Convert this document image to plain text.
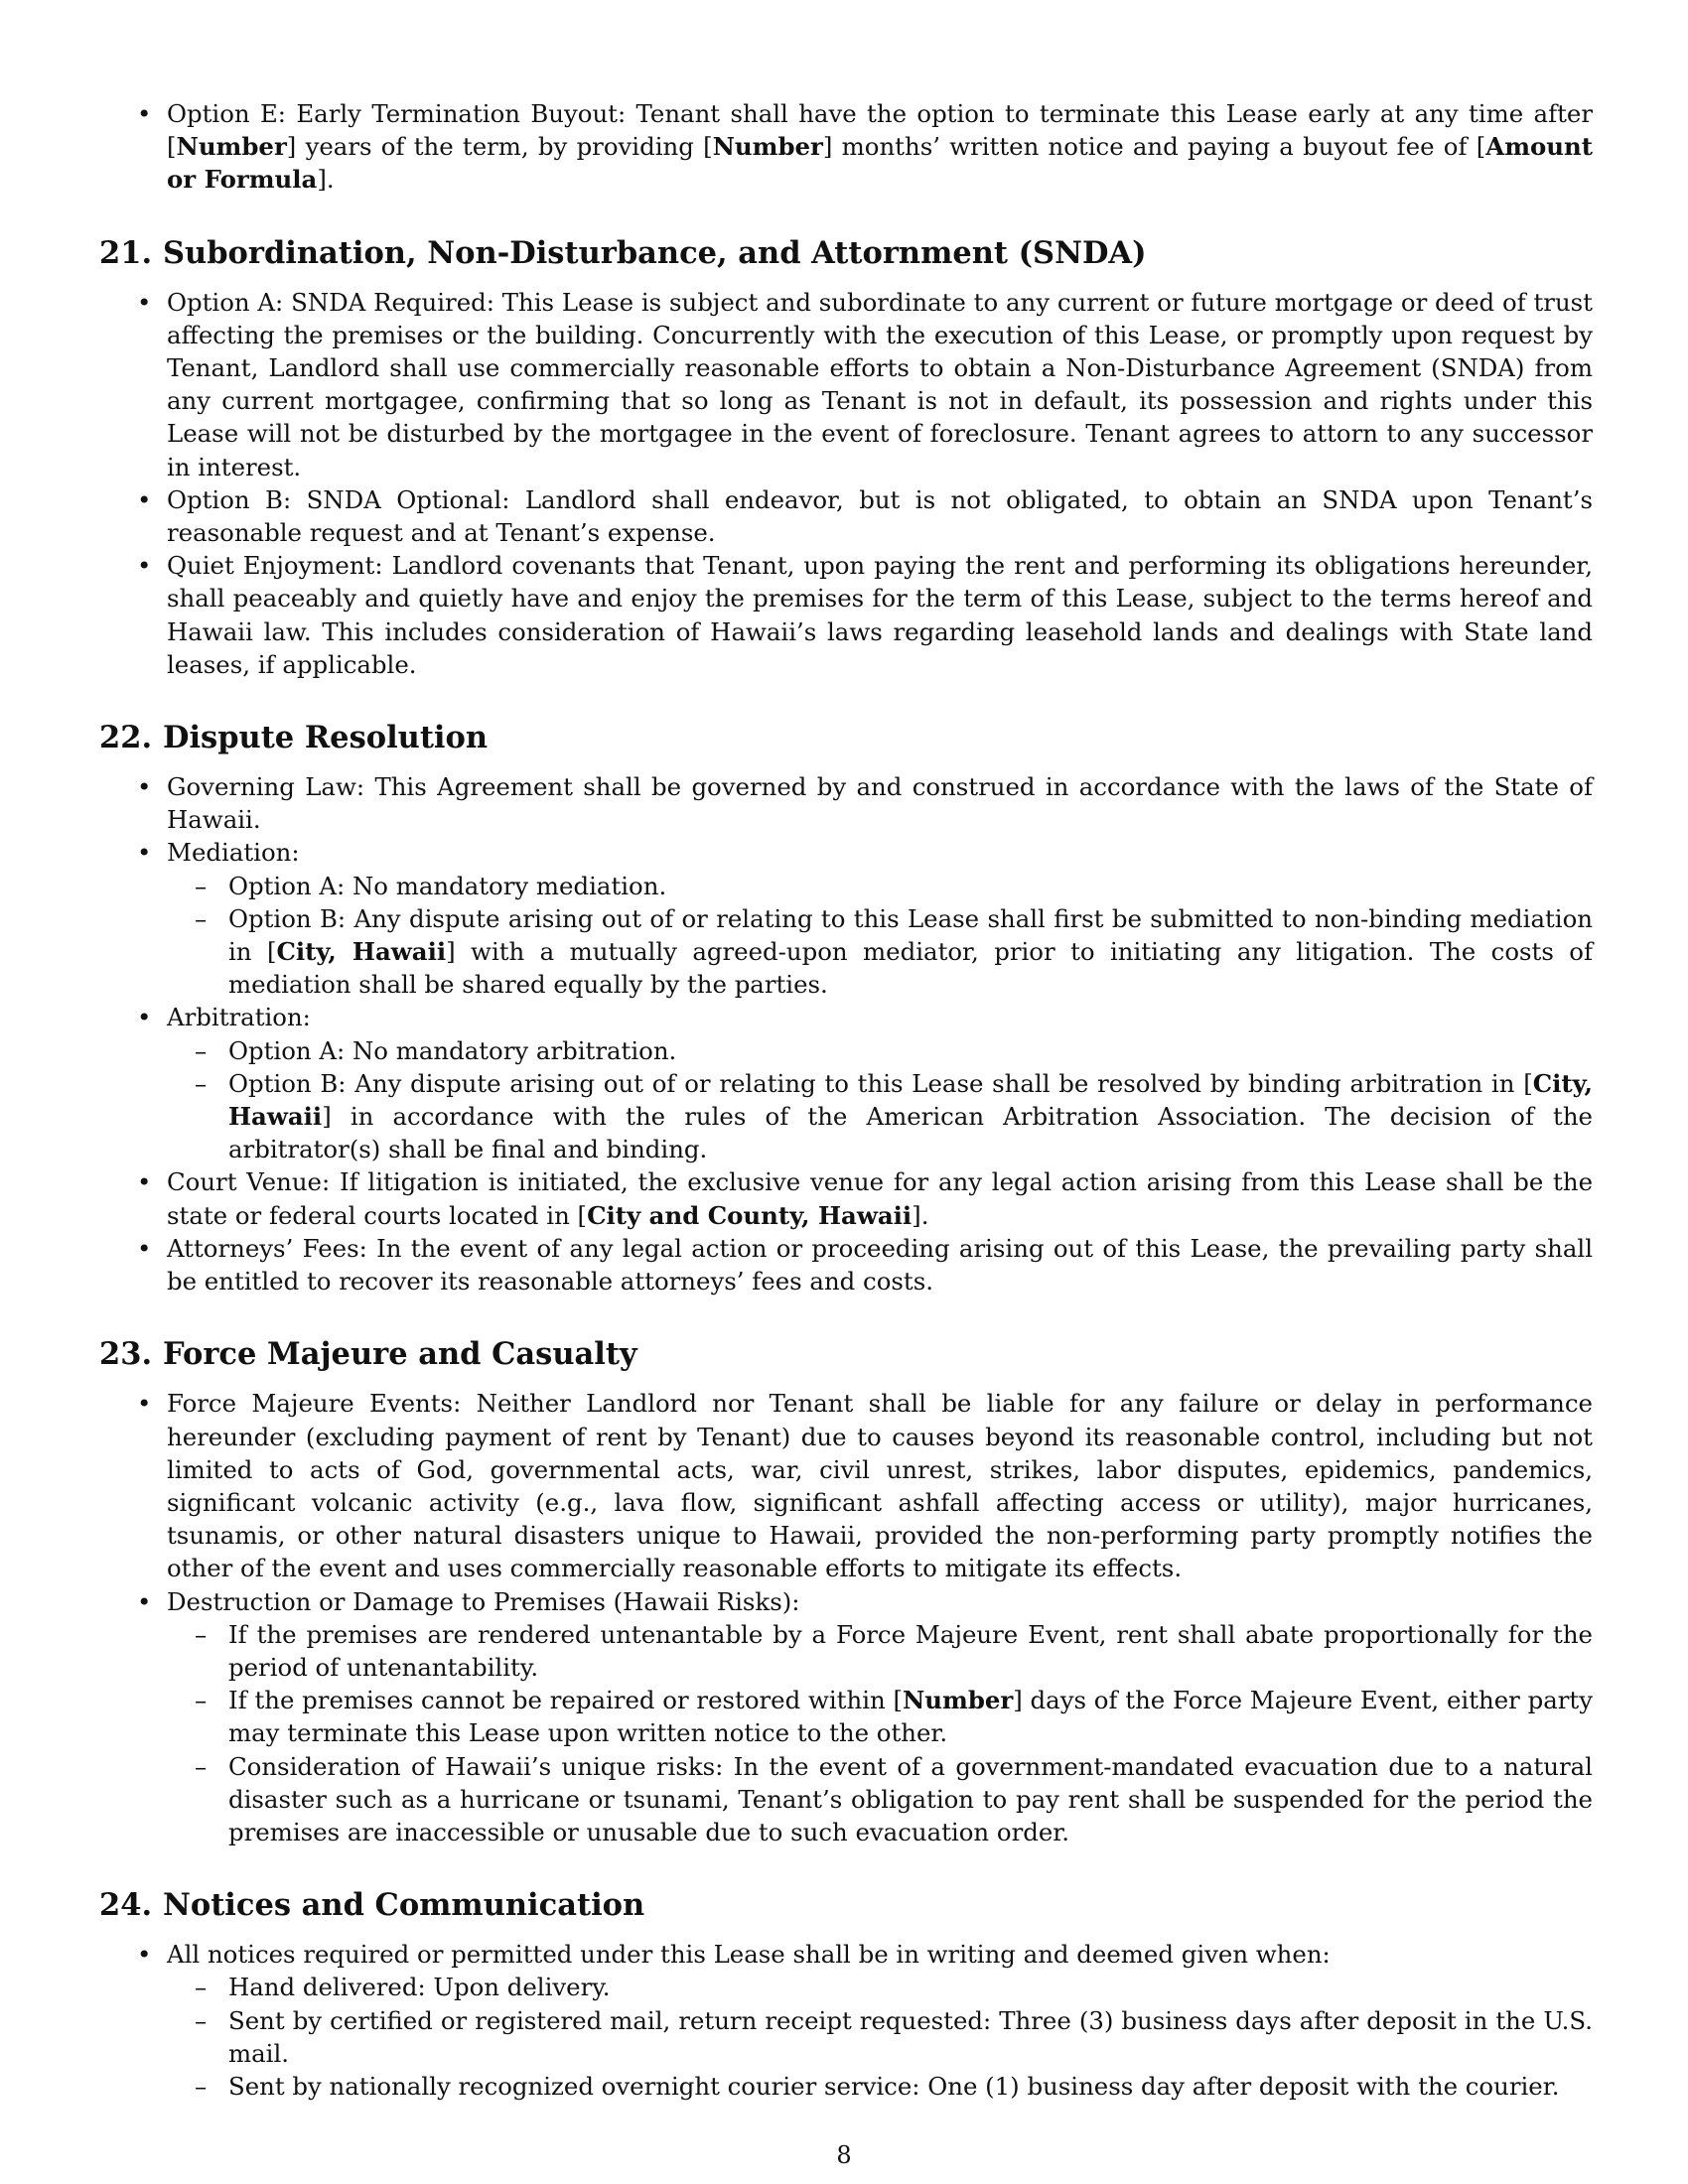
• Option E: Early Termination Buyout: Tenant shall have the option to terminate this Lease early at any time after [Number] years of the term, by providing [Number] months’ written notice and paying a buyout fee of [Amount or Formula].
21. Subordination, Non-Disturbance, and Attornment (SNDA)
• Option A: SNDA Required: This Lease is subject and subordinate to any current or future mortgage or deed of trust affecting the premises or the building. Concurrently with the execution of this Lease, or promptly upon request by Tenant, Landlord shall use commercially reasonable efforts to obtain a Non-Disturbance Agreement (SNDA) from any current mortgagee, confirming that so long as Tenant is not in default, its possession and rights under this Lease will not be disturbed by the mortgagee in the event of foreclosure. Tenant agrees to attorn to any successor in interest.
• Option B: SNDA Optional: Landlord shall endeavor, but is not obligated, to obtain an SNDA upon Tenant’s reasonable request and at Tenant’s expense.
• Quiet Enjoyment: Landlord covenants that Tenant, upon paying the rent and performing its obligations hereunder, shall peaceably and quietly have and enjoy the premises for the term of this Lease, subject to the terms hereof and Hawaii law. This includes consideration of Hawaii’s laws regarding leasehold lands and dealings with State land leases, if applicable.
22. Dispute Resolution
• Governing Law: This Agreement shall be governed by and construed in accordance with the laws of the State of Hawaii.
• Mediation:
– Option A: No mandatory mediation.
– Option B: Any dispute arising out of or relating to this Lease shall first be submitted to non-binding mediation in [City, Hawaii] with a mutually agreed-upon mediator, prior to initiating any litigation. The costs of mediation shall be shared equally by the parties.
• Arbitration:
– Option A: No mandatory arbitration.
– Option B: Any dispute arising out of or relating to this Lease shall be resolved by binding arbitration in [City, Hawaii] in accordance with the rules of the American Arbitration Association. The decision of the arbitrator(s) shall be final and binding.
• Court Venue: If litigation is initiated, the exclusive venue for any legal action arising from this Lease shall be the state or federal courts located in [City and County, Hawaii].
• Attorneys’ Fees: In the event of any legal action or proceeding arising out of this Lease, the prevailing party shall be entitled to recover its reasonable attorneys’ fees and costs.
23. Force Majeure and Casualty
• Force Majeure Events: Neither Landlord nor Tenant shall be liable for any failure or delay in performance hereunder (excluding payment of rent by Tenant) due to causes beyond its reasonable control, including but not limited to acts of God, governmental acts, war, civil unrest, strikes, labor disputes, epidemics, pandemics, significant volcanic activity (e.g., lava flow, significant ashfall affecting access or utility), major hurricanes, tsunamis, or other natural disasters unique to Hawaii, provided the non-performing party promptly notifies the other of the event and uses commercially reasonable efforts to mitigate its effects.
• Destruction or Damage to Premises (Hawaii Risks):
– If the premises are rendered untenantable by a Force Majeure Event, rent shall abate proportionally for the period of untenantability.
– If the premises cannot be repaired or restored within [Number] days of the Force Majeure Event, either party may terminate this Lease upon written notice to the other.
– Consideration of Hawaii’s unique risks: In the event of a government-mandated evacuation due to a natural disaster such as a hurricane or tsunami, Tenant’s obligation to pay rent shall be suspended for the period the premises are inaccessible or unusable due to such evacuation order.
24. Notices and Communication
• All notices required or permitted under this Lease shall be in writing and deemed given when:
– Hand delivered: Upon delivery.
– Sent by certified or registered mail, return receipt requested: Three (3) business days after deposit in the U.S. mail.
– Sent by nationally recognized overnight courier service: One (1) business day after deposit with the courier.
8
